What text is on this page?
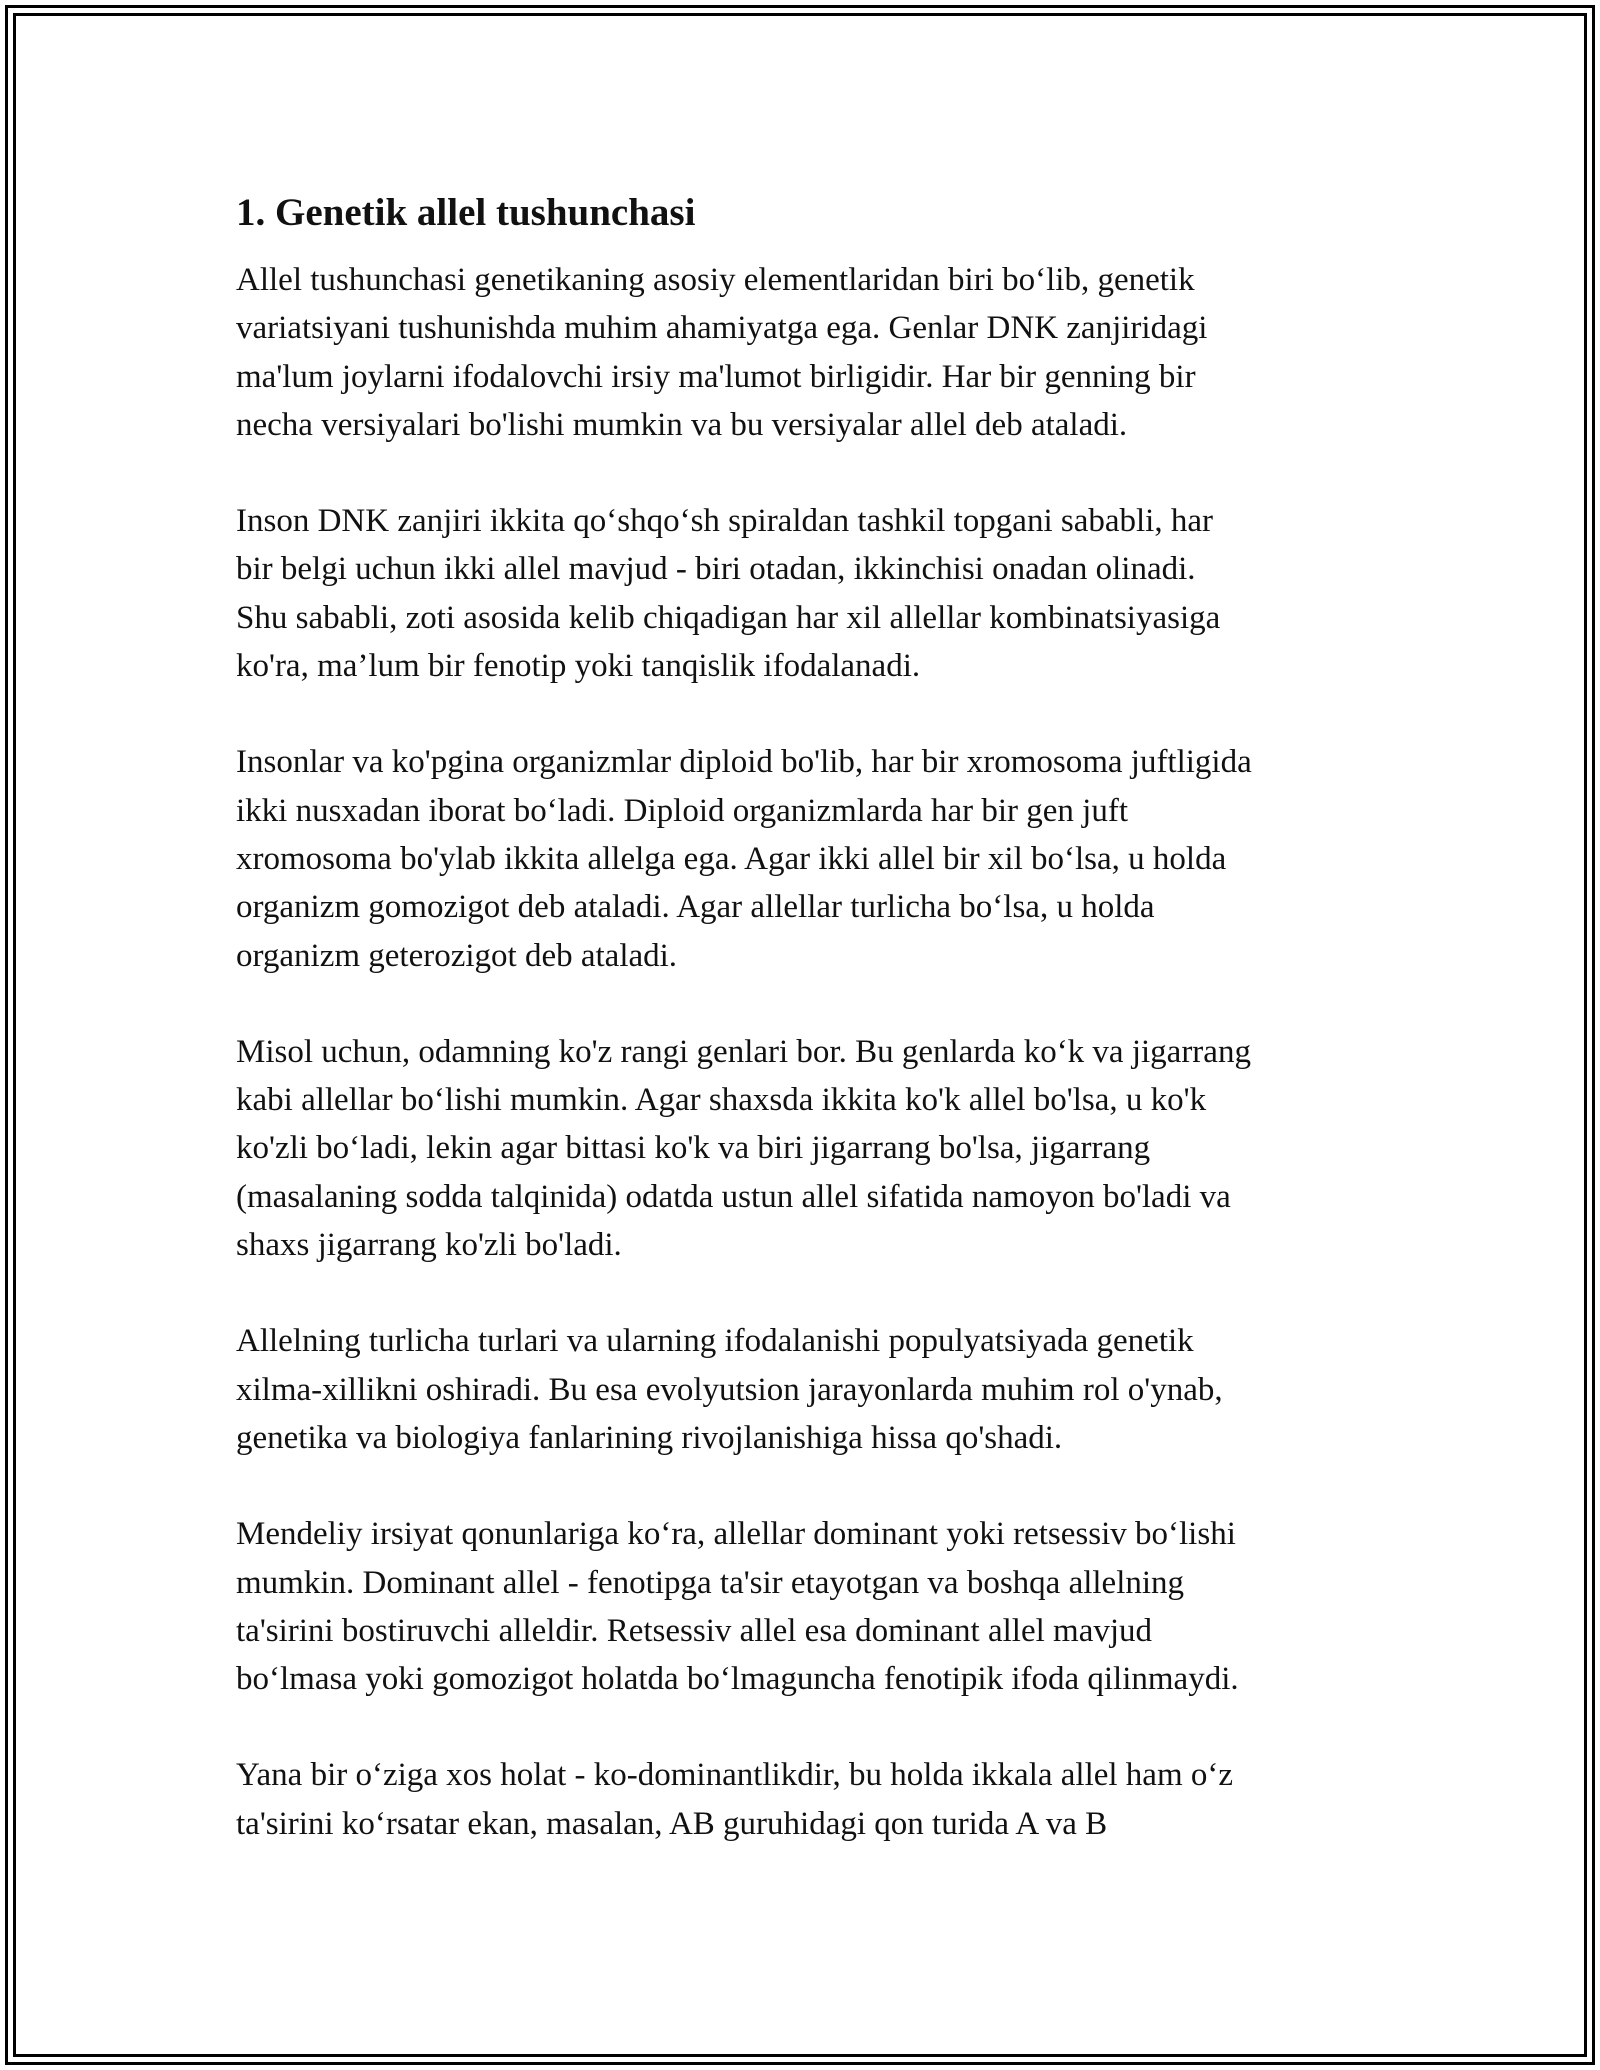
1. Genetik allel tushunchasi

Allel tushunchasi genetikaning asosiy elementlaridan biri bo‘lib, genetik
variatsiyani tushunishda muhim ahamiyatga ega. Genlar DNK zanjiridagi
ma'lum joylarni ifodalovchi irsiy ma'lumot birligidir. Har bir genning bir
necha versiyalari bo'lishi mumkin va bu versiyalar allel deb ataladi.

Inson DNK zanjiri ikkita qo‘shqo‘sh spiraldan tashkil topgani sababli, har
bir belgi uchun ikki allel mavjud - biri otadan, ikkinchisi onadan olinadi.
Shu sababli, zoti asosida kelib chiqadigan har xil allellar kombinatsiyasiga
ko'ra, ma’lum bir fenotip yoki tanqislik ifodalanadi.

Insonlar va ko'pgina organizmlar diploid bo'lib, har bir xromosoma juftligida
ikki nusxadan iborat bo‘ladi. Diploid organizmlarda har bir gen juft
xromosoma bo'ylab ikkita allelga ega. Agar ikki allel bir xil bo‘lsa, u holda
organizm gomozigot deb ataladi. Agar allellar turlicha bo‘lsa, u holda
organizm geterozigot deb ataladi.

Misol uchun, odamning ko'z rangi genlari bor. Bu genlarda ko‘k va jigarrang
kabi allellar bo‘lishi mumkin. Agar shaxsda ikkita ko'k allel bo'lsa, u ko'k
ko'zli bo‘ladi, lekin agar bittasi ko'k va biri jigarrang bo'lsa, jigarrang
(masalaning sodda talqinida) odatda ustun allel sifatida namoyon bo'ladi va
shaxs jigarrang ko'zli bo'ladi.

Allelning turlicha turlari va ularning ifodalanishi populyatsiyada genetik
xilma-xillikni oshiradi. Bu esa evolyutsion jarayonlarda muhim rol o'ynab,
genetika va biologiya fanlarining rivojlanishiga hissa qo'shadi.

Mendeliy irsiyat qonunlariga ko‘ra, allellar dominant yoki retsessiv bo‘lishi
mumkin. Dominant allel - fenotipga ta'sir etayotgan va boshqa allelning
ta'sirini bostiruvchi alleldir. Retsessiv allel esa dominant allel mavjud
bo‘lmasa yoki gomozigot holatda bo‘lmaguncha fenotipik ifoda qilinmaydi.

Yana bir o‘ziga xos holat - ko-dominantlikdir, bu holda ikkala allel ham o‘z
ta'sirini ko‘rsatar ekan, masalan, AB guruhidagi qon turida A va B
